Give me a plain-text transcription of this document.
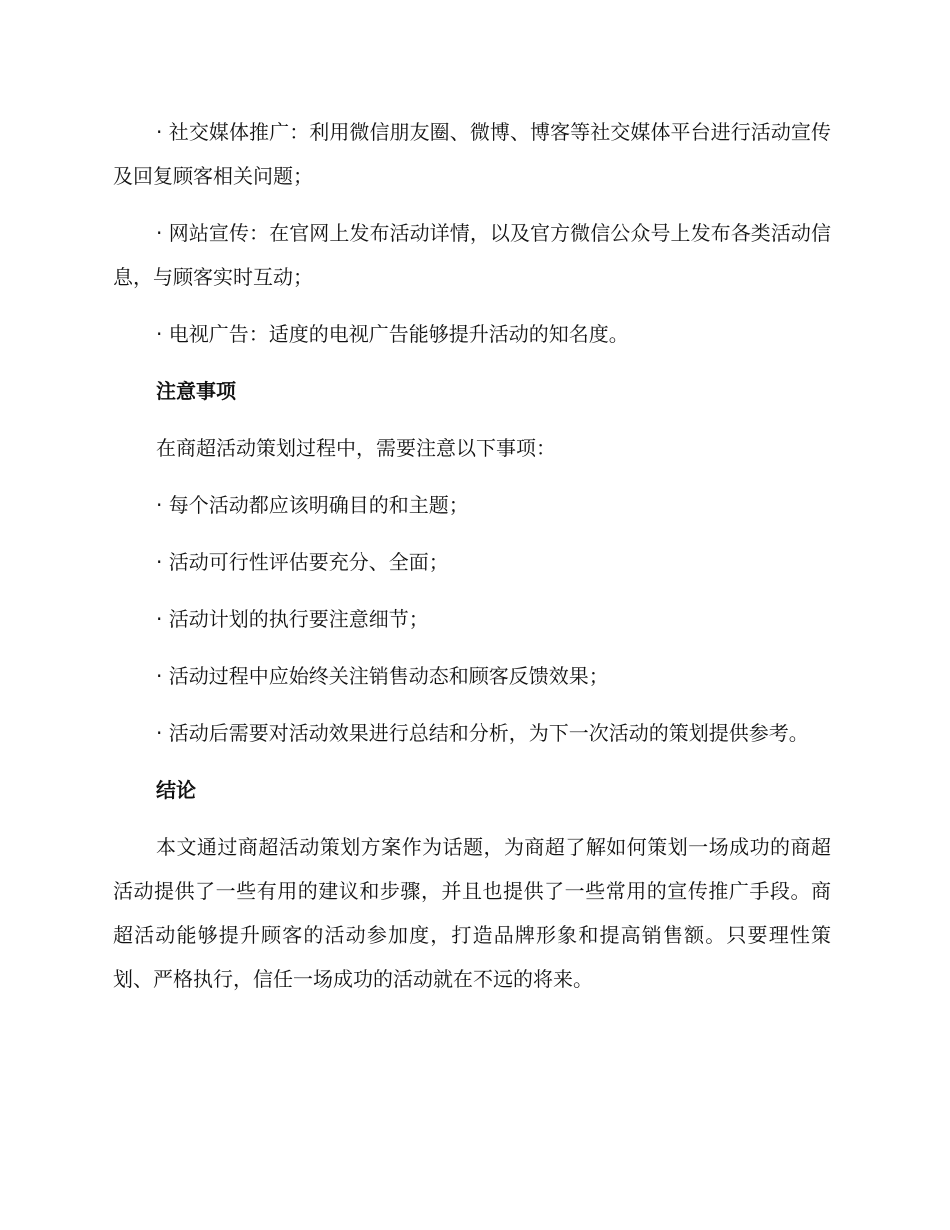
· 社交媒体推广：利用微信朋友圈、微博、博客等社交媒体平台进行活动宣传及回复顾客相关问题；

· 网站宣传：在官网上发布活动详情，以及官方微信公众号上发布各类活动信息，与顾客实时互动；

· 电视广告：适度的电视广告能够提升活动的知名度。

注意事项

在商超活动策划过程中，需要注意以下事项：

· 每个活动都应该明确目的和主题；

· 活动可行性评估要充分、全面；

· 活动计划的执行要注意细节；

· 活动过程中应始终关注销售动态和顾客反馈效果；

· 活动后需要对活动效果进行总结和分析，为下一次活动的策划提供参考。

结论

本文通过商超活动策划方案作为话题，为商超了解如何策划一场成功的商超活动提供了一些有用的建议和步骤，并且也提供了一些常用的宣传推广手段。商超活动能够提升顾客的活动参加度，打造品牌形象和提高销售额。只要理性策划、严格执行，信任一场成功的活动就在不远的将来。
